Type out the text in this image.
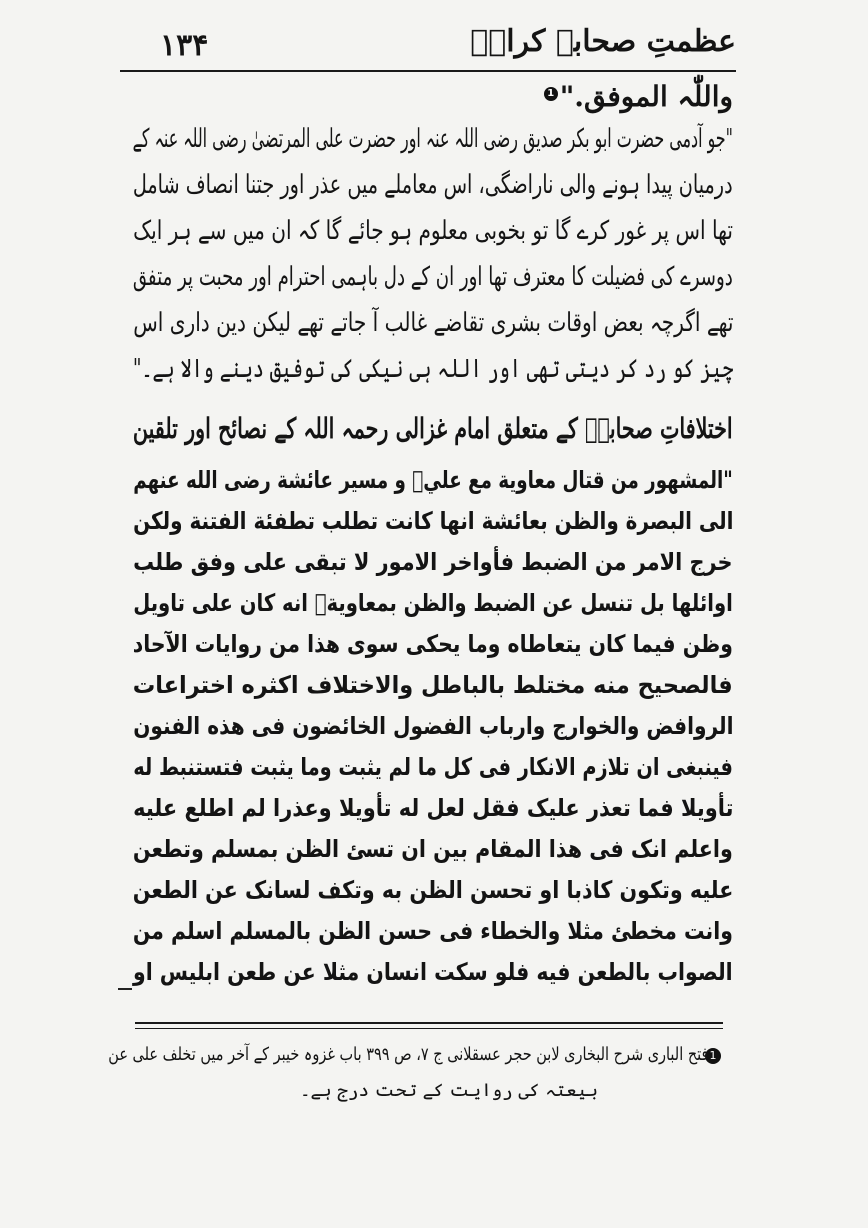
عظمتِ صحابہ کرامؓ
۱۳۴
واللّٰہ الموفق."1
"جو آدمی حضرت ابو بکر صدیق رضی اللہ عنہ اور حضرت علی المرتضیٰ رضی اللہ عنہ کے
درمیان پیدا ہونے والی ناراضگی، اس معاملے میں عذر اور جتنا انصاف شامل
تھا اس پر غور کرے گا تو بخوبی معلوم ہو جائے گا کہ ان میں سے ہر ایک
دوسرے کی فضیلت کا معترف تھا اور ان کے دل باہمی احترام اور محبت پر متفق
تھے اگرچہ بعض اوقات بشری تقاضے غالب آ جاتے تھے لیکن دین داری اس
چیز کو رد کر دیتی تھی اور اللہ ہی نیکی کی توفیق دینے والا ہے۔"
اختلافاتِ صحابہؓ کے متعلق امام غزالی رحمہ اللہ کے نصائح اور تلقین
"المشهور من قتال معاوية مع عليؓ و مسير عائشة رضی الله عنهم
الی البصرة والظن بعائشة انها كانت تطلب تطفئة الفتنة ولكن
خرج الامر من الضبط فأواخر الامور لا تبقی علی وفق طلب
اوائلها بل تنسل عن الضبط والظن بمعاويةؓ انه كان علی تاويل
وظن فيما كان يتعاطاه وما يحكی سوی هذا من روايات الآحاد
فالصحيح منه مختلط بالباطل والاختلاف اكثره اختراعات
الروافض والخوارج وارباب الفضول الخائضون فی هذه الفنون
فينبغی ان تلازم الانكار فی كل ما لم يثبت وما يثبت فتستنبط له
تأويلا فما تعذر عليک فقل لعل له تأويلا وعذرا لم اطلع عليه
واعلم انک فی هذا المقام بين ان تسئ الظن بمسلم وتطعن
عليه وتكون كاذبا او تحسن الظن به وتكف لسانک عن الطعن
وانت مخطئ مثلا والخطاء فی حسن الظن بالمسلم اسلم من
الصواب بالطعن فيه فلو سكت انسان مثلا عن طعن ابليس او
1
فتح الباری شرح البخاری لابن حجر عسقلانی ج ۷، ص ۳۹۹ باب غزوہ خیبر کے آخر میں تخلف علی عن
بیعتہ کی روایت کے تحت درج ہے۔
